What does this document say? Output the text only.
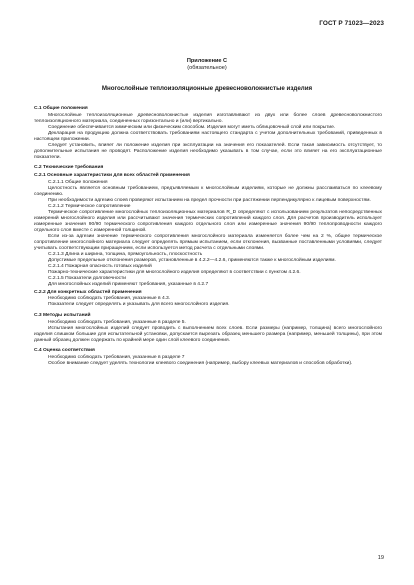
ГОСТ Р 71023—2023
Приложение С
(обязательное)
Многослойные теплоизоляционные древесноволокнистые изделия
С.1 Общие положения
Многослойные теплоизоляционные древесноволокнистые изделия изготавливают из двух или более слоев древесноволокнистого теплоизоляционного материала, соединенных горизонтально и (или) вертикально.
Соединение обеспечивается химическим или физическим способом. Изделия могут иметь облицовочный слой или покрытие.
Декларация на продукцию должна соответствовать требованиям настоящего стандарта с учетом дополнительных требований, приведенных в настоящем приложении.
Следует установить, влияет ли положение изделия при эксплуатации на значения его показателей. Если такая зависимость отсутствует, то дополнительные испытания не проводят. Расположение изделия необходимо указывать в том случае, если это влияет на его эксплуатационные показатели.
С.2 Технические требования
С.2.1 Основные характеристики для всех областей применения
С.2.1.1 Общие положения
Целостность является основным требованием, предъявляемым к многослойным изделиям, которые не должны расслаиваться по клеевому соединению.
При необходимости адгезию слоев проверяют испытанием на предел прочности при растяжении перпендикулярно к лицевым поверхностям.
С.2.1.2 Термическое сопротивление
Термическое сопротивление многослойных теплоизоляционных материалов R_D определяют с использованием результатов непосредственных измерений многослойного изделия или рассчитывают значения термических сопротивлений каждого слоя. Для расчетов производитель использует измеренные значения 90/90 термического сопротивления каждого отдельного слоя или измеренные значения 90/90 теплопроводности каждого отдельного слоя вместе с измеренной толщиной.
Если из-за адгезии значение термического сопротивления многослойного материала изменяется более чем на 2 %, общее термическое сопротивление многослойного материала следует определять прямым испытанием, если отклонения, вызванные поставленными условиями, следует учитывать соответствующим приращением, если используется метод расчета с отдельными слоями.
С.2.1.3 Длина и ширина, толщина, прямоугольность, плоскостность
Допустимые предельные отклонения размеров, установленные в 4.2.2—4.2.6, применяются также к многослойным изделиям.
С.2.1.4 Пожарная опасность готовых изделий
Пожарно-технические характеристики для многослойного изделия определяют в соответствии с пунктом 4.2.6.
С.2.1.5 Показатели долговечности
Для многослойных изделий применяют требования, указанные в 4.2.7
С.2.2 Для конкретных областей применения
Необходимо соблюдать требования, указанные в 4.3.
Показатели следует определять и указывать для всего многослойного изделия.
С.3 Методы испытаний
Необходимо соблюдать требования, указанные в разделе 5.
Испытания многослойных изделий следует проводить с выполнением всех слоев. Если размеры (например, толщина) всего многослойного изделия слишком большие для испытательной установки, допускается вырезать образец меньшего размера (например, меньшей толщины), при этом данный образец должен содержать по крайней мере один слой клеевого соединения.
С.4 Оценка соответствия
Необходимо соблюдать требования, указанные в разделе 7
Особое внимание следует уделять технологии клеевого соединения (например, выбору клеевых материалов и способов обработки).
19
